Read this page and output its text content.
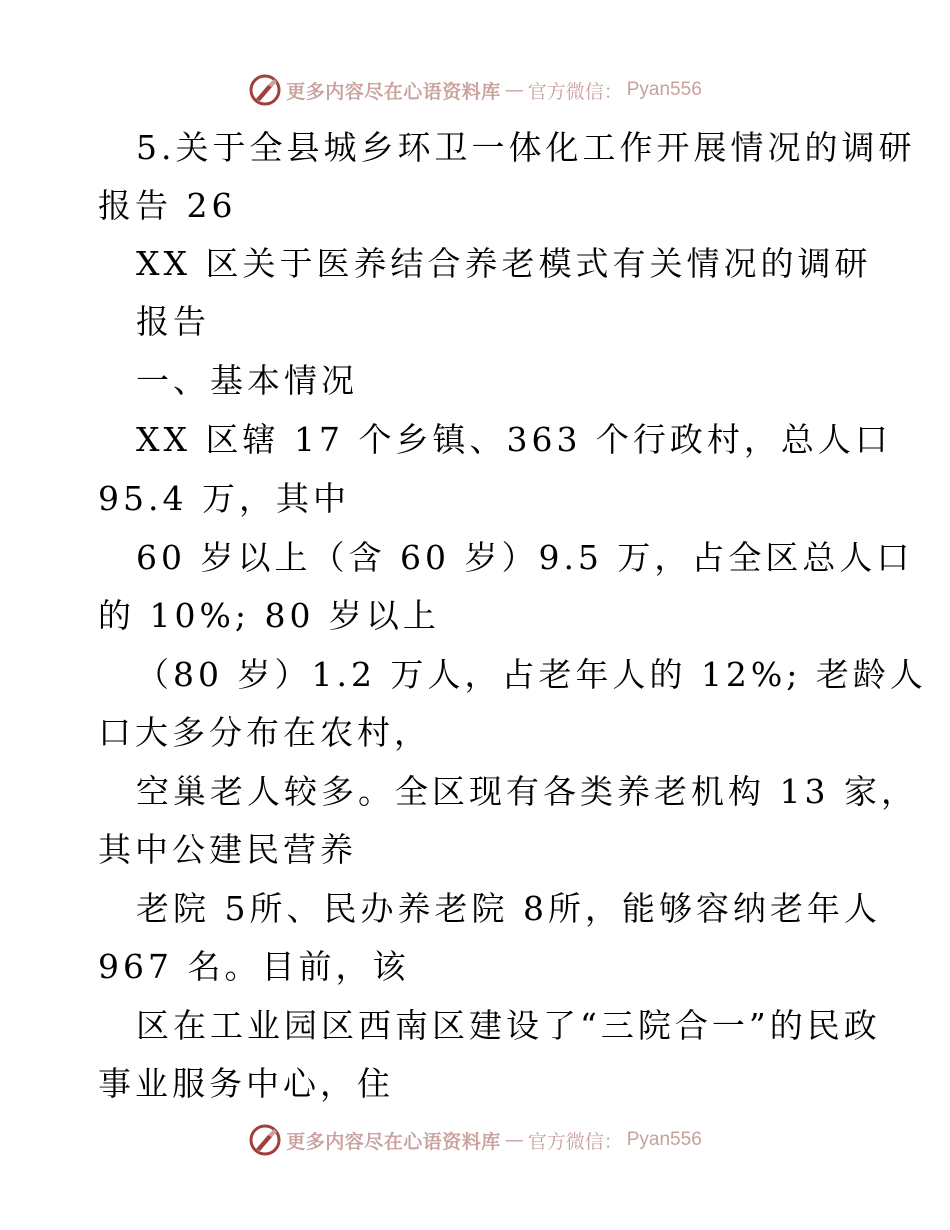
更多内容尽在心语资料库 — 官方微信： Pyan556
5.关于全县城乡环卫一体化工作开展情况的调研
报告 26
XX 区关于医养结合养老模式有关情况的调研
报告
一、基本情况
XX 区辖 17 个乡镇、363 个行政村，总人口
95.4 万，其中
60 岁以上（含 60 岁）9.5 万，占全区总人口
的 10%; 80 岁以上
（80 岁）1.2 万人，占老年人的 12%; 老龄人
口大多分布在农村，
空巢老人较多。全区现有各类养老机构 13 家，
其中公建民营养
老院 5所、民办养老院 8所，能够容纳老年人
967 名。目前，该
区在工业园区西南区建设了“三院合一”的民政
事业服务中心，住
更多内容尽在心语资料库 — 官方微信： Pyan556
